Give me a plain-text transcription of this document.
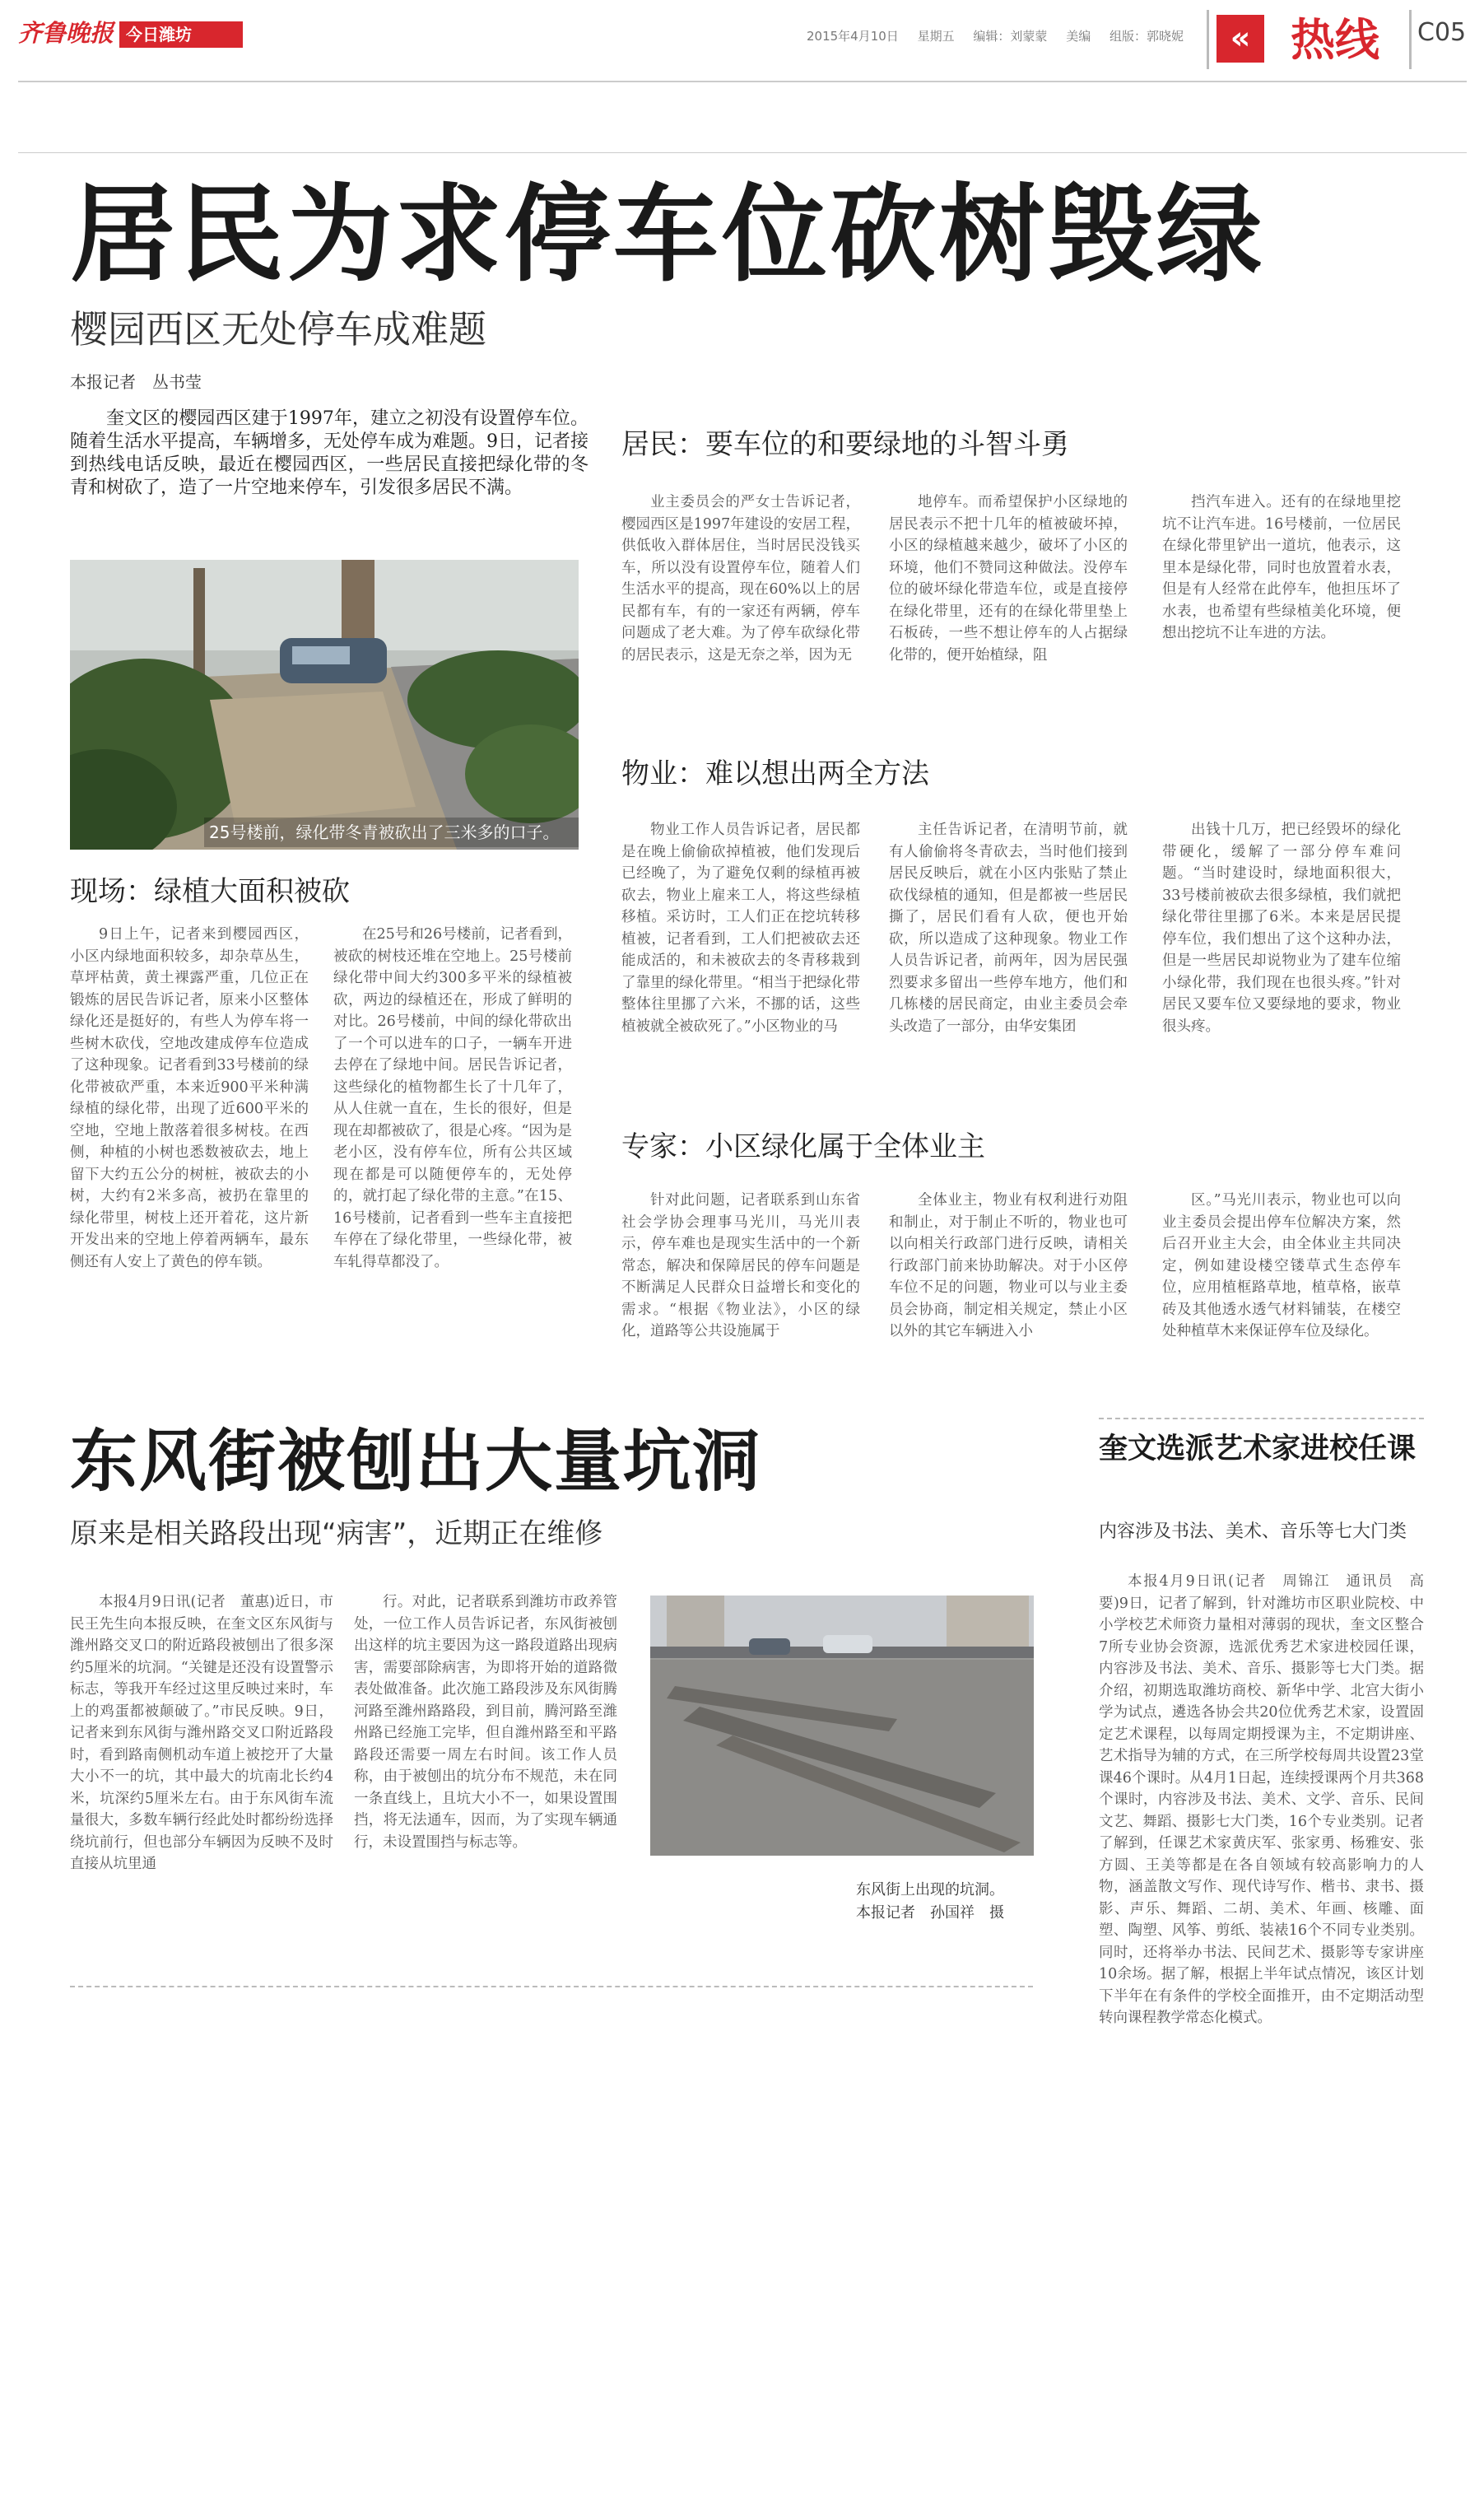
齐鲁晚报 今日潍坊	2015年4月10日 星期五 编辑：刘蒙蒙 美编 组版：郭晓妮	« 热线	C05
居民为求停车位砍树毁绿
樱园西区无处停车成难题
本报记者　丛书莹
奎文区的樱园西区建于1997年，建立之初没有设置停车位。随着生活水平提高，车辆增多，无处停车成为难题。9日，记者接到热线电话反映，最近在樱园西区，一些居民直接把绿化带的冬青和树砍了，造了一片空地来停车，引发很多居民不满。
25号楼前，绿化带冬青被砍出了三米多的口子。
现场：绿植大面积被砍
9日上午，记者来到樱园西区，小区内绿地面积较多，却杂草丛生，草坪枯黄，黄土裸露严重，几位正在锻炼的居民告诉记者，原来小区整体绿化还是挺好的，有些人为停车将一些树木砍伐，空地改建成停车位造成了这种现象。记者看到33号楼前的绿化带被砍严重，本来近900平米种满绿植的绿化带，出现了近600平米的空地，空地上散落着很多树枝。在西侧，种植的小树也悉数被砍去，地上留下大约五公分的树桩，被砍去的小树，大约有2米多高，被扔在靠里的绿化带里，树枝上还开着花，这片新开发出来的空地上停着两辆车，最东侧还有人安上了黄色的停车锁。
在25号和26号楼前，记者看到，被砍的树枝还堆在空地上。25号楼前绿化带中间大约300多平米的绿植被砍，两边的绿植还在，形成了鲜明的对比。26号楼前，中间的绿化带砍出了一个可以进车的口子，一辆车开进去停在了绿地中间。居民告诉记者，这些绿化的植物都生长了十几年了，从人住就一直在，生长的很好，但是现在却都被砍了，很是心疼。“因为是老小区，没有停车位，所有公共区域现在都是可以随便停车的，无处停的，就打起了绿化带的主意。”在15、16号楼前，记者看到一些车主直接把车停在了绿化带里，一些绿化带，被车轧得草都没了。
居民：要车位的和要绿地的斗智斗勇
业主委员会的严女士告诉记者，樱园西区是1997年建设的安居工程，供低收入群体居住，当时居民没钱买车，所以没有设置停车位，随着人们生活水平的提高，现在60%以上的居民都有车，有的一家还有两辆，停车问题成了老大难。为了停车砍绿化带的居民表示，这是无奈之举，因为无
地停车。而希望保护小区绿地的居民表示不把十几年的植被破坏掉，小区的绿植越来越少，破坏了小区的环境，他们不赞同这种做法。没停车位的破坏绿化带造车位，或是直接停在绿化带里，还有的在绿化带里垫上石板砖，一些不想让停车的人占据绿化带的，便开始植绿，阻
挡汽车进入。还有的在绿地里挖坑不让汽车进。16号楼前，一位居民在绿化带里铲出一道坑，他表示，这里本是绿化带，同时也放置着水表，但是有人经常在此停车，他担压坏了水表，也希望有些绿植美化环境，便想出挖坑不让车进的方法。
物业：难以想出两全方法
物业工作人员告诉记者，居民都是在晚上偷偷砍掉植被，他们发现后已经晚了，为了避免仅剩的绿植再被砍去，物业上雇来工人，将这些绿植移植。采访时，工人们正在挖坑转移植被，记者看到，工人们把被砍去还能成活的，和未被砍去的冬青移栽到了靠里的绿化带里。“相当于把绿化带整体往里挪了六米，不挪的话，这些植被就全被砍死了。”小区物业的马
主任告诉记者，在清明节前，就有人偷偷将冬青砍去，当时他们接到居民反映后，就在小区内张贴了禁止砍伐绿植的通知，但是都被一些居民撕了，居民们看有人砍，便也开始砍，所以造成了这种现象。物业工作人员告诉记者，前两年，因为居民强烈要求多留出一些停车地方，他们和几栋楼的居民商定，由业主委员会牵头改造了一部分，由华安集团
出钱十几万，把已经毁坏的绿化带硬化，缓解了一部分停车难问题。“当时建设时，绿地面积很大，33号楼前被砍去很多绿植，我们就把绿化带往里挪了6米。本来是居民提停车位，我们想出了这个这种办法，但是一些居民却说物业为了建车位缩小绿化带，我们现在也很头疼。”针对居民又要车位又要绿地的要求，物业很头疼。
专家：小区绿化属于全体业主
针对此问题，记者联系到山东省社会学协会理事马光川，马光川表示，停车难也是现实生活中的一个新常态，解决和保障居民的停车问题是不断满足人民群众日益增长和变化的需求。“根据《物业法》，小区的绿化，道路等公共设施属于
全体业主，物业有权利进行劝阻和制止，对于制止不听的，物业也可以向相关行政部门进行反映，请相关行政部门前来协助解决。对于小区停车位不足的问题，物业可以与业主委员会协商，制定相关规定，禁止小区以外的其它车辆进入小
区。”马光川表示，物业也可以向业主委员会提出停车位解决方案，然后召开业主大会，由全体业主共同决定，例如建设楼空镂草式生态停车位，应用植框路草地，植草格，嵌草砖及其他透水透气材料铺装，在楼空处种植草木来保证停车位及绿化。
东风街被刨出大量坑洞
原来是相关路段出现“病害”，近期正在维修
本报4月9日讯(记者　董惠)近日，市民王先生向本报反映，在奎文区东风街与潍州路交叉口的附近路段被刨出了很多深约5厘米的坑洞。“关键是还没有设置警示标志，等我开车经过这里反映过来时，车上的鸡蛋都被颠破了。”市民反映。9日，记者来到东风街与潍州路交叉口附近路段时，看到路南侧机动车道上被挖开了大量大小不一的坑，其中最大的坑南北长约4米，坑深约5厘米左右。由于东风街车流量很大，多数车辆行经此处时都纷纷选择绕坑前行，但也部分车辆因为反映不及时直接从坑里通
行。对此，记者联系到潍坊市政养管处，一位工作人员告诉记者，东风街被刨出这样的坑主要因为这一路段道路出现病害，需要部除病害，为即将开始的道路微表处做准备。此次施工路段涉及东风街腾河路至潍州路路段，到目前，腾河路至潍州路已经施工完毕，但自潍州路至和平路路段还需要一周左右时间。该工作人员称，由于被刨出的坑分布不规范，未在同一条直线上，且坑大小不一，如果设置围挡，将无法通车，因而，为了实现车辆通行，未设置围挡与标志等。
东风街上出现的坑洞。
本报记者　孙国祥　摄
奎文选派艺术家进校任课
内容涉及书法、美术、音乐等七大门类
本报4月9日讯(记者　周锦江　通讯员　高要)9日，记者了解到，针对潍坊市区职业院校、中小学校艺术师资力量相对薄弱的现状，奎文区整合7所专业协会资源，选派优秀艺术家进校园任课，内容涉及书法、美术、音乐、摄影等七大门类。据介绍，初期选取潍坊商校、新华中学、北宫大街小学为试点，遴选各协会共20位优秀艺术家，设置固定艺术课程，以每周定期授课为主，不定期讲座、艺术指导为辅的方式，在三所学校每周共设置23堂课46个课时。从4月1日起，连续授课两个月共368个课时，内容涉及书法、美术、文学、音乐、民间文艺、舞蹈、摄影七大门类，16个专业类别。记者了解到，任课艺术家黄庆军、张家勇、杨雅安、张方圆、王美等都是在各自领域有较高影响力的人物，涵盖散文写作、现代诗写作、楷书、隶书、摄影、声乐、舞蹈、二胡、美术、年画、核雕、面塑、陶塑、风筝、剪纸、装裱16个不同专业类别。同时，还将举办书法、民间艺术、摄影等专家讲座10余场。据了解，根据上半年试点情况，该区计划下半年在有条件的学校全面推开，由不定期活动型转向课程教学常态化模式。
